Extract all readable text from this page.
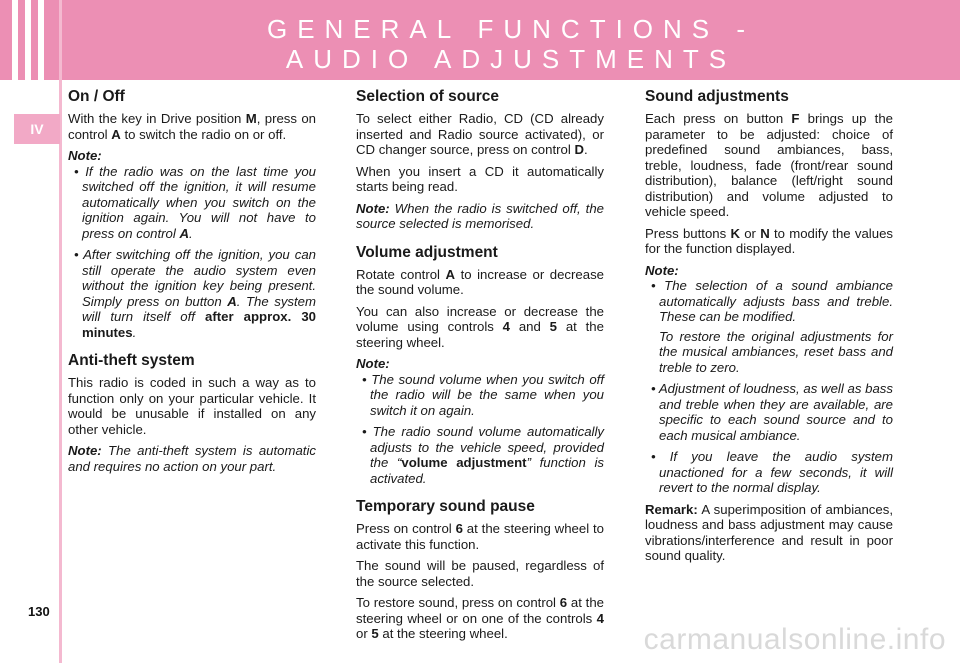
GENERAL FUNCTIONS -
AUDIO ADJUSTMENTS
IV
On / Off

With the key in Drive position M, press on control A to switch the radio on or off.

Note:
• If the radio was on the last time you switched off the ignition, it will resume automatically when you switch on the ignition again. You will not have to press on control A.
• After switching off the ignition, you can still operate the audio system even without the ignition key being present. Simply press on button A. The system will turn itself off after approx. 30 minutes.
Anti-theft system

This radio is coded in such a way as to function only on your particular vehicle. It would be unusable if installed on any other vehicle.

Note: The anti-theft system is automatic and requires no action on your part.

Selection of source

To select either Radio, CD (CD already inserted and Radio source activated), or CD changer source, press on control D.

When you insert a CD it automatically starts being read.

Note: When the radio is switched off, the source selected is memorised.

Volume adjustment

Rotate control A to increase or decrease the sound volume.

You can also increase or decrease the volume using controls 4 and 5 at the steering wheel.

Note:
• The sound volume when you switch off the radio will be the same when you switch it on again.
• The radio sound volume automatically adjusts to the vehicle speed, provided the “volume adjustment” function is activated.
Temporary sound pause

Press on control 6 at the steering wheel to activate this function.

The sound will be paused, regardless of the source selected.

To restore sound, press on control 6 at the steering wheel or on one of the controls 4 or 5 at the steering wheel.

Sound adjustments

Each press on button F brings up the parameter to be adjusted: choice of predefined sound ambiances, bass, treble, loudness, fade (front/rear sound distribution), balance (left/right sound distribution) and volume adjusted to vehicle speed.

Press buttons K or N to modify the values for the function displayed.

Note:
• The selection of a sound ambiance automatically adjusts bass and treble. These can be modified.
To restore the original adjustments for the musical ambiances, reset bass and treble to zero.
• Adjustment of loudness, as well as bass and treble when they are available, are specific to each sound source and to each musical ambiance.
• If you leave the audio system unactioned for a few seconds, it will revert to the normal display.

Remark: A superimposition of ambiances, loudness and bass adjustment may cause vibrations/interference and result in poor sound quality.

130
carmanualsonline.info
